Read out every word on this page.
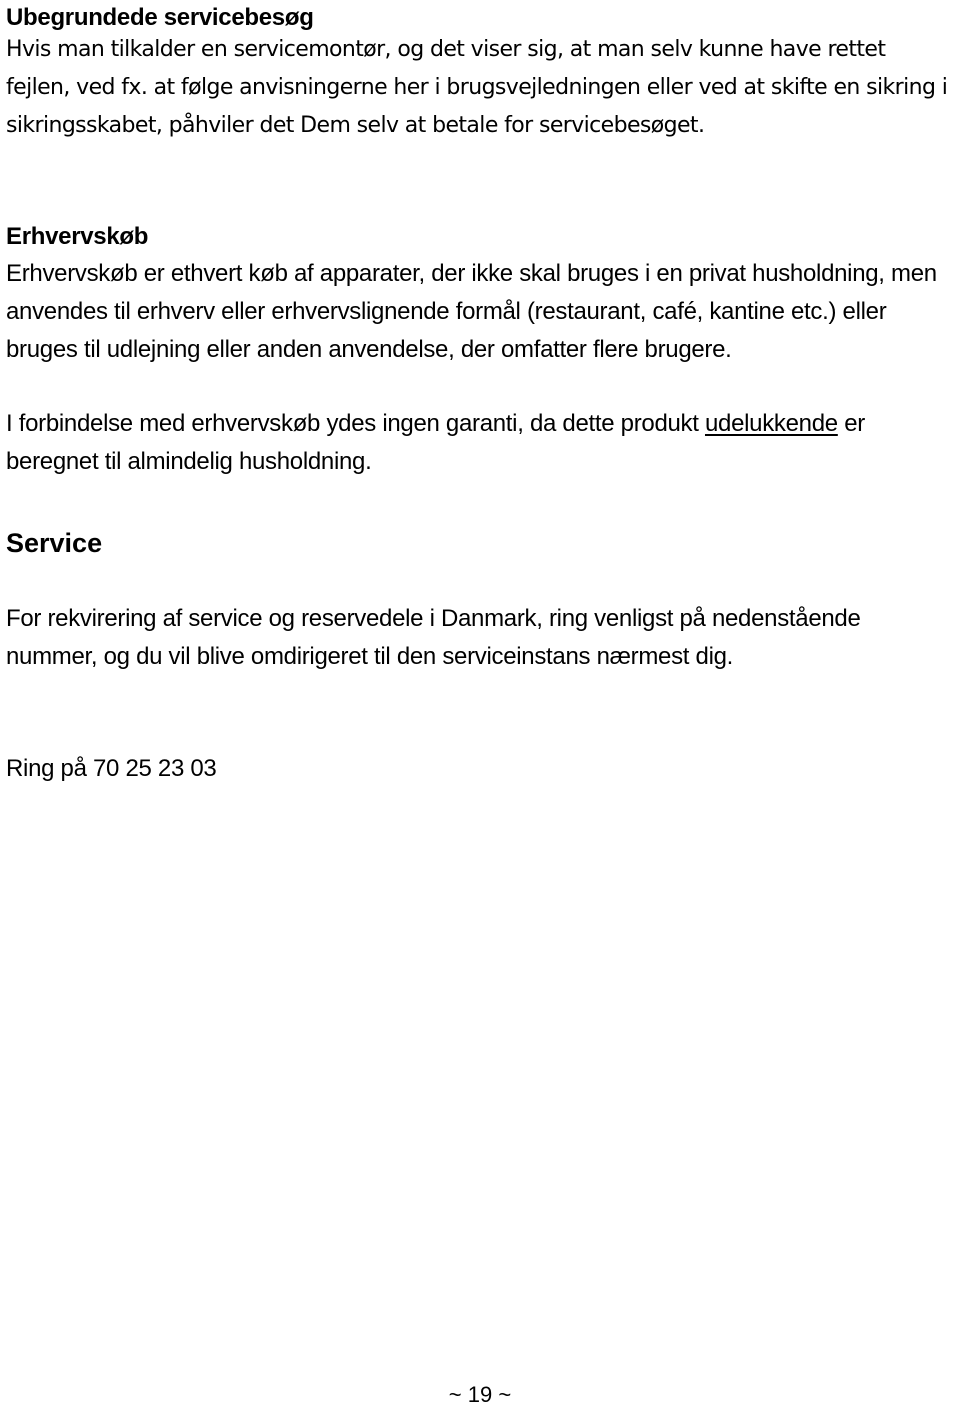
Ubegrundede servicebesøg

Hvis man tilkalder en servicemontør, og det viser sig, at man selv kunne have rettet fejlen, ved fx. at følge anvisningerne her i brugsvejledningen eller ved at skifte en sikring i sikringsskabet, påhviler det Dem selv at betale for servicebesøget.

Erhvervskøb

Erhvervskøb er ethvert køb af apparater, der ikke skal bruges i en privat husholdning, men anvendes til erhverv eller erhvervslignende formål (restaurant, café, kantine etc.) eller bruges til udlejning eller anden anvendelse, der omfatter flere brugere.

I forbindelse med erhvervskøb ydes ingen garanti, da dette produkt udelukkende er beregnet til almindelig husholdning.

Service

For rekvirering af service og reservedele i Danmark, ring venligst på nedenstående nummer, og du vil blive omdirigeret til den serviceinstans nærmest dig.

Ring på 70 25 23 03

~ 19 ~
